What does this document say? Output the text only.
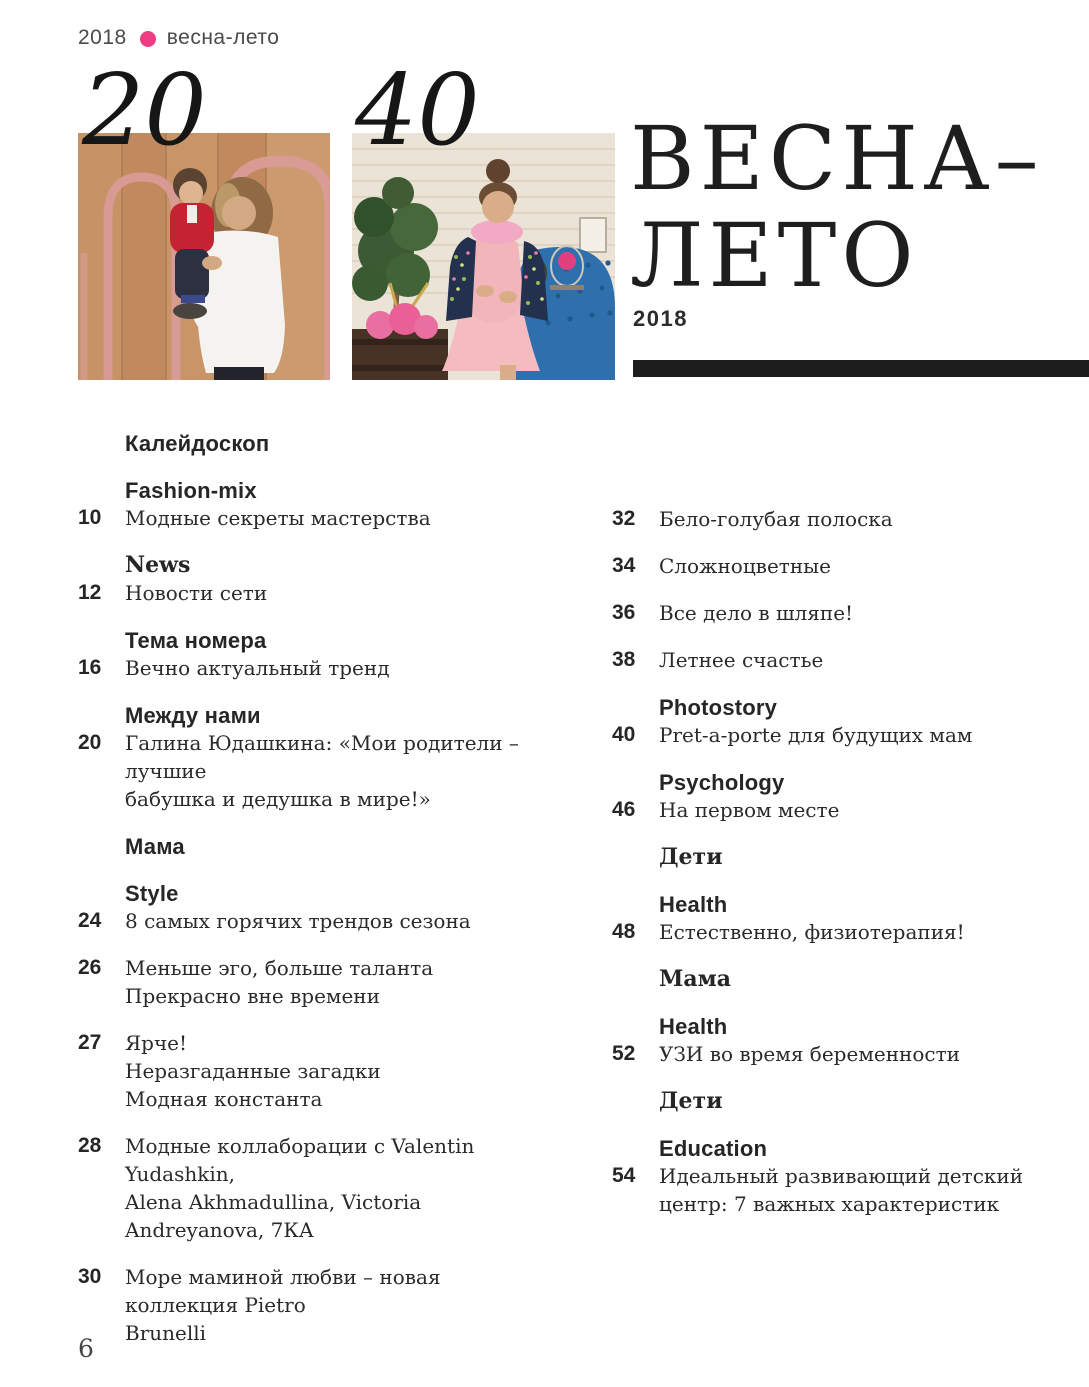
2018 весна-лето
20 40 ВЕСНА–
ЛЕТО
2018
Калейдоскоп
Fashion-mix
10	Модные секреты мастерства
News
12	Новости сети
Тема номера
16	Вечно актуальный тренд
Между нами
20	Галина Юдашкина: «Мои родители – лучшие
бабушка и дедушка в мире!»
Мама
Style
24	8 самых горячих трендов сезона
26	Меньше эго, больше таланта
Прекрасно вне времени
27	Ярче!
Неразгаданные загадки
Модная константа
28	Модные коллаборации с Valentin Yudashkin,
Alena Akhmadullina, Victoria Andreyanova, 7КА
30	Море маминой любви – новая коллекция Pietro
Brunelli
32	Бело-голубая полоска
34	Сложноцветные
36	Все дело в шляпе!
38	Летнее счастье
Photostory
40	Pret-a-porte для будущих мам
Psychology
46	На первом месте
Дети
Health
48	Естественно, физиотерапия!
Мама
Health
52	УЗИ во время беременности
Дети
Education
54	Идеальный развивающий детский
центр: 7 важных характеристик
6
